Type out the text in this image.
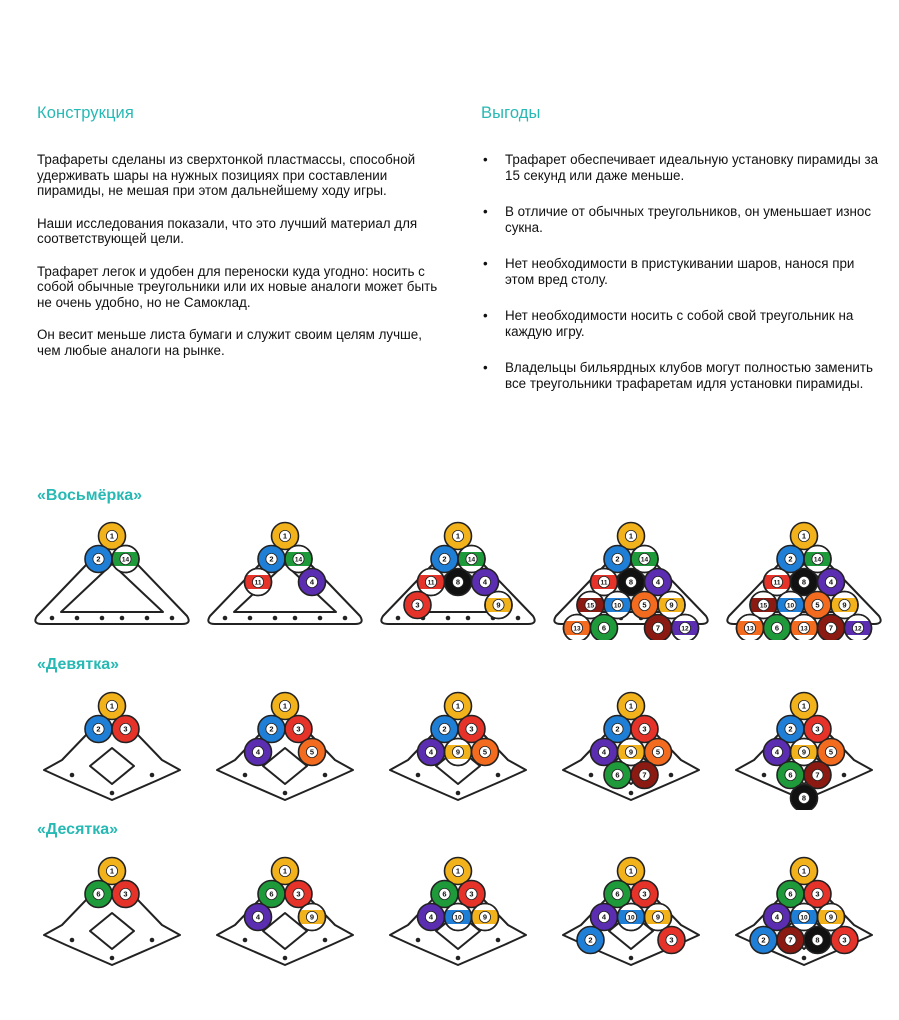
Конструкция

Трафареты сделаны из сверхтонкой пластмассы, способной удерживать шары на нужных позициях при составлении пирамиды, не мешая при этом дальнейшему ходу игры.

Наши исследования показали, что это лучший материал для соответствующей цели.

Трафарет легок и удобен для переноски куда угодно: носить с собой обычные треугольники или их новые аналоги может быть не очень удобно, но не Самоклад.

Он весит меньше листа бумаги и служит своим целям лучше, чем любые аналоги на рынке.

Выгоды
• Трафарет обеспечивает идеальную установку пирамиды за 15 секунд или даже меньше.
• В отличие от обычных треугольников, он уменьшает износ сукна.
• Нет необходимости в пристукивании шаров, нанося при этом вред столу.
• Нет необходимости носить с собой свой треугольник на каждую игру.
• Владельцы бильярдных клубов могут полностью заменить все треугольники трафаретам идля установки пирамиды.
«Восьмёрка»
«Девятка»
«Десятка»
1
2	14
1
2	14
11	4
1
2	14
11	8	4
3	9
1
2	14
11	8	4
15	10	5	9
13	6	7	12
1
2	14
11	8	4
15	10	5	9
13	6	13	7	12
1
2	3
1
2	3
4	5
1
2	3
4	9	5
1
2	3
4	9	5
6	7
1
2	3
4	9	5
6	7
8
1
6	3
1
6	3
4	9
1
6	3
4	10	9
1
6	3
4	10	9
2	3
1
6	3
4	10	9
2	7	8	3
